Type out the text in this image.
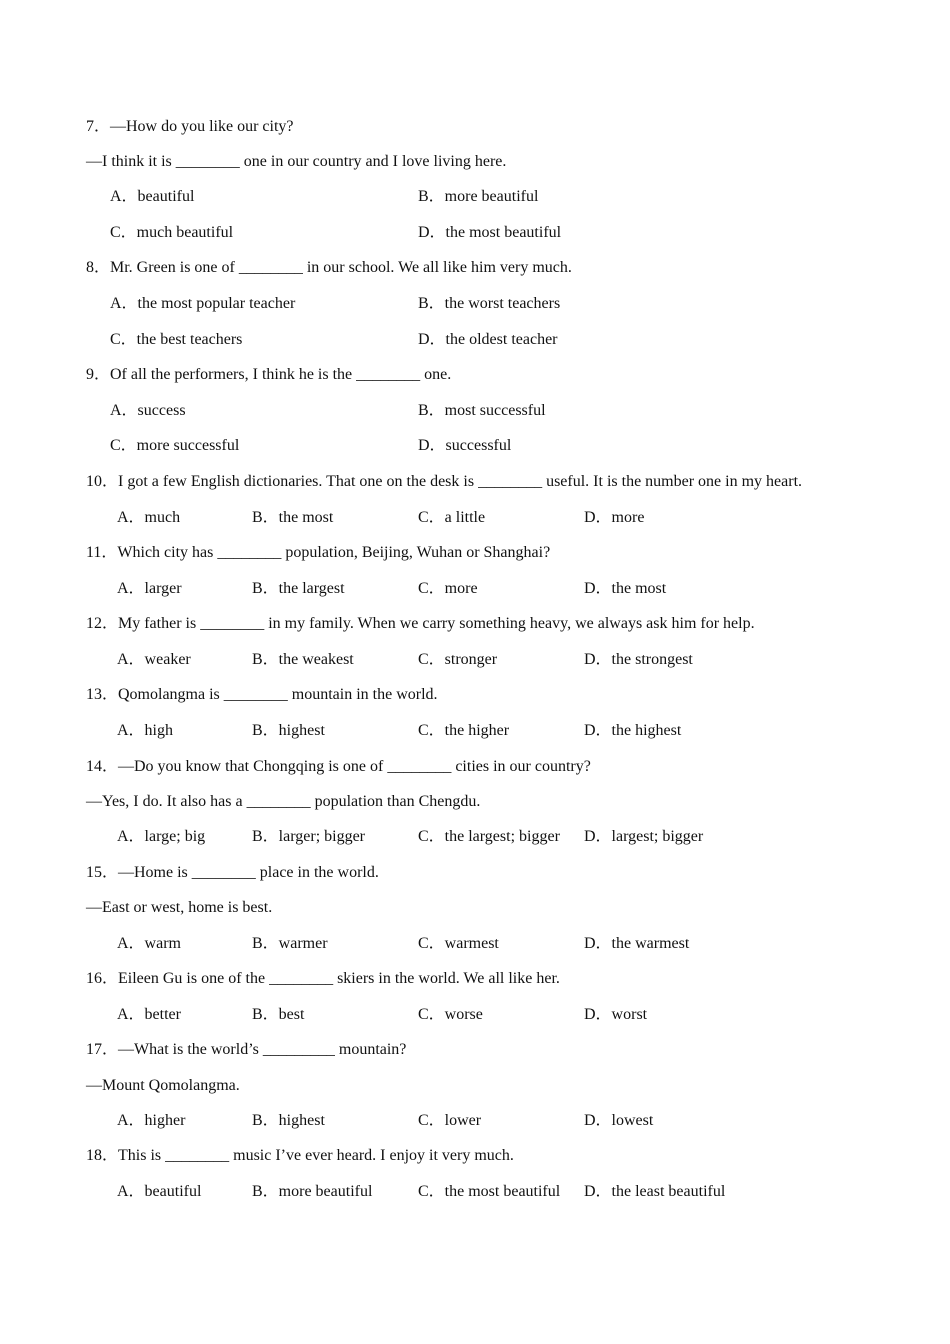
7．—How do you like our city?
—I think it is ________ one in our country and I love living here.
A．beautiful	B．more beautiful
C．much beautiful	D．the most beautiful
8．Mr. Green is one of ________ in our school. We all like him very much.
A．the most popular teacher	B．the worst teachers
C．the best teachers	D．the oldest teacher
9．Of all the performers, I think he is the ________ one.
A．success	B．most successful
C．more successful	D．successful
10．I got a few English dictionaries. That one on the desk is ________ useful. It is the number one in my heart.
A．much	B．the most	C．a little	D．more
11．Which city has ________ population, Beijing, Wuhan or Shanghai?
A．larger	B．the largest	C．more	D．the most
12．My father is ________ in my family. When we carry something heavy, we always ask him for help.
A．weaker	B．the weakest	C．stronger	D．the strongest
13．Qomolangma is ________ mountain in the world.
A．high	B．highest	C．the higher	D．the highest
14．—Do you know that Chongqing is one of ________ cities in our country?
—Yes, I do. It also has a ________ population than Chengdu.
A．large; big	B．larger; bigger	C．the largest; bigger D．largest; bigger
15．—Home is ________ place in the world.
—East or west, home is best.
A．warm	B．warmer	C．warmest	D．the warmest
16．Eileen Gu is one of the ________ skiers in the world. We all like her.
A．better	B．best	C．worse	D．worst
17．—What is the world’s _________ mountain?
—Mount Qomolangma.
A．higher	B．highest	C．lower	D．lowest
18．This is ________ music I’ve ever heard. I enjoy it very much.
A．beautiful	B．more beautiful	C．the most beautiful D．the least beautiful
